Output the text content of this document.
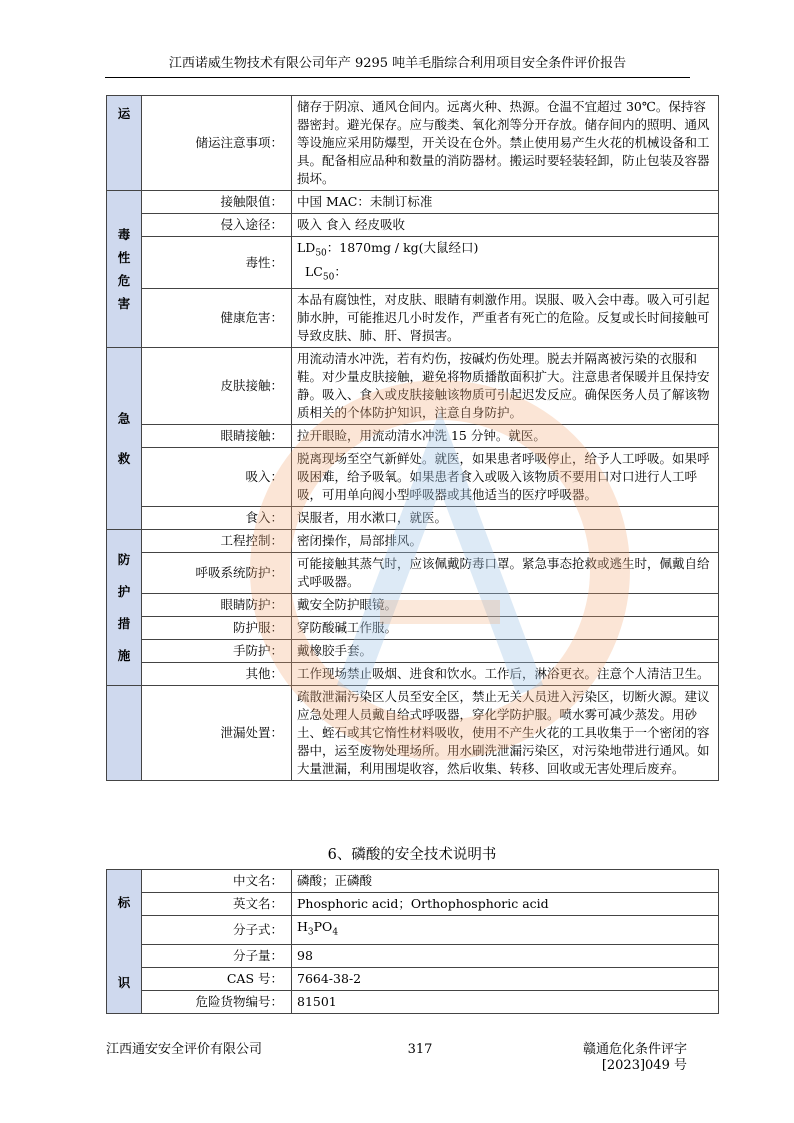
江西诺威生物技术有限公司年产 9295 吨羊毛脂综合利用项目安全条件评价报告
运	储运注意事项：	储存于阴凉、通风仓间内。远离火种、热源。仓温不宜超过 30℃。保持容器密封。避光保存。应与酸类、氧化剂等分开存放。储存间内的照明、通风等设施应采用防爆型，开关设在仓外。禁止使用易产生火花的机械设备和工具。配备相应品种和数量的消防器材。搬运时要轻装轻卸，防止包装及容器损坏。

毒
性
危
害	接触限值：	中国 MAC：未制订标准
	侵入途径：	吸入 食入 经皮吸收
	毒性：	$LD_{50}$：1870mg / kg(大鼠经口)
$LC_{50}$：

	健康危害：	本品有腐蚀性，对皮肤、眼睛有刺激作用。误服、吸入会中毒。吸入可引起肺水肿，可能推迟几小时发作，严重者有死亡的危险。反复或长时间接触可导致皮肤、肺、肝、肾损害。

急
救	皮肤接触：	用流动清水冲洗，若有灼伤，按碱灼伤处理。脱去并隔离被污染的衣服和鞋。对少量皮肤接触，避免将物质播散面积扩大。注意患者保暖并且保持安静。吸入、食入或皮肤接触该物质可引起迟发反应。确保医务人员了解该物质相关的个体防护知识，注意自身防护。
	眼睛接触：	拉开眼睑，用流动清水冲洗 15 分钟。就医。
	吸入：	脱离现场至空气新鲜处。就医，如果患者呼吸停止，给予人工呼吸。如果呼吸困难，给予吸氧。如果患者食入或吸入该物质不要用口对口进行人工呼吸，可用单向阀小型呼吸器或其他适当的医疗呼吸器。
	食入：	误服者，用水漱口，就医。

防
护
措
施	工程控制：	密闭操作，局部排风。
	呼吸系统防护：	可能接触其蒸气时，应该佩戴防毒口罩。紧急事态抢救或逃生时，佩戴自给式呼吸器。
	眼睛防护：	戴安全防护眼镜。
	防护服：	穿防酸碱工作服。
	手防护：	戴橡胶手套。
	其他：	工作现场禁止吸烟、进食和饮水。工作后，淋浴更衣。注意个人清洁卫生。
	泄漏处置：	疏散泄漏污染区人员至安全区，禁止无关人员进入污染区，切断火源。建议应急处理人员戴自给式呼吸器，穿化学防护服。喷水雾可减少蒸发。用砂土、蛭石或其它惰性材料吸收，使用不产生火花的工具收集于一个密闭的容器中，运至废物处理场所。用水刷洗泄漏污染区，对污染地带进行通风。如大量泄漏，利用围堤收容，然后收集、转移、回收或无害处理后废弃。
6、磷酸的安全技术说明书
标
识	中文名：	磷酸；正磷酸
	英文名：	Phosphoric acid；Orthophosphoric acid
	分子式：	$H_3PO_4$
	分子量：	98
	CAS 号：	7664-38-2
	危险货物编号：	81501
江西通安安全评价有限公司	317	赣通危化条件评字[2023]049 号
